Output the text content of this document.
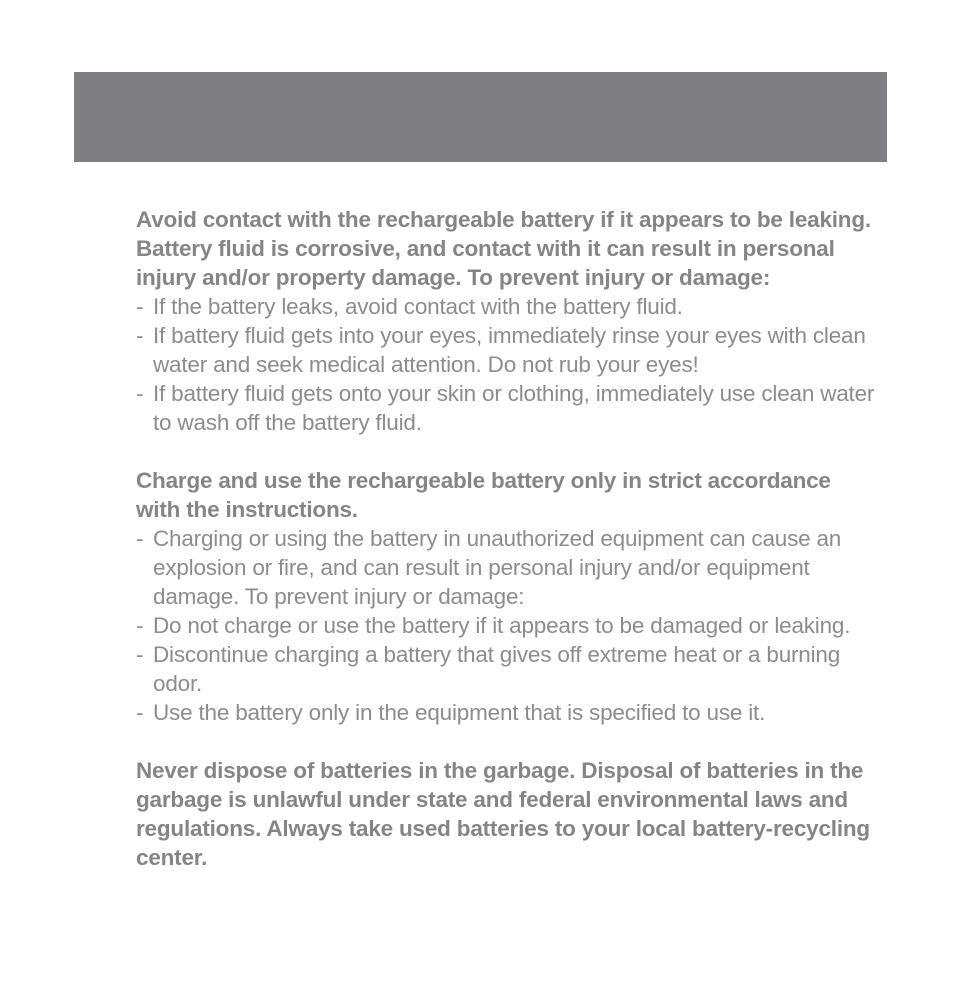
Avoid contact with the rechargeable battery if it appears to be leaking. Battery fluid is corrosive, and contact with it can result in personal injury and/or property damage. To prevent injury or damage:

- If the battery leaks, avoid contact with the battery fluid.
- If battery fluid gets into your eyes, immediately rinse your eyes with clean water and seek medical attention. Do not rub your eyes!
- If battery fluid gets onto your skin or clothing, immediately use clean water to wash off the battery fluid.

Charge and use the rechargeable battery only in strict accordance with the instructions.

- Charging or using the battery in unauthorized equipment can cause an explosion or fire, and can result in personal injury and/or equipment damage. To prevent injury or damage:
- Do not charge or use the battery if it appears to be damaged or leaking.
- Discontinue charging a battery that gives off extreme heat or a burning odor.
- Use the battery only in the equipment that is specified to use it.

Never dispose of batteries in the garbage. Disposal of batteries in the garbage is unlawful under state and federal environmental laws and regulations. Always take used batteries to your local battery-recycling center.
